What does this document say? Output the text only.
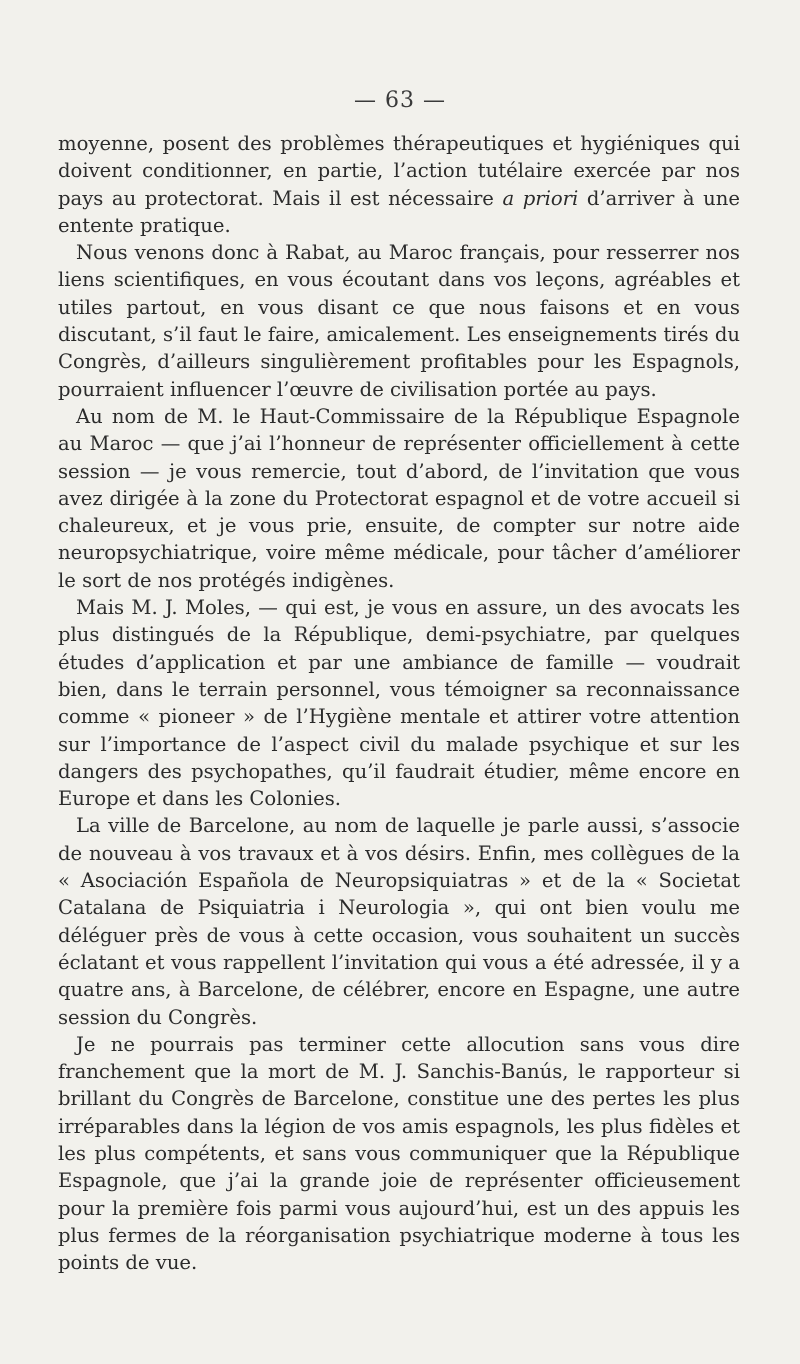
— 63 —

moyenne, posent des problèmes thérapeutiques et hygiéniques qui doivent conditionner, en partie, l’action tutélaire exercée par nos pays au protectorat. Mais il est nécessaire a priori d’arriver à une entente pratique.

Nous venons donc à Rabat, au Maroc français, pour resserrer nos liens scientifiques, en vous écoutant dans vos leçons, agréables et utiles partout, en vous disant ce que nous faisons et en vous discutant, s’il faut le faire, amicalement. Les enseignements tirés du Congrès, d’ailleurs singulièrement profitables pour les Espagnols, pourraient influencer l’œuvre de civilisation portée au pays.

Au nom de M. le Haut-Commissaire de la République Espagnole au Maroc — que j’ai l’honneur de représenter officiellement à cette session — je vous remercie, tout d’abord, de l’invitation que vous avez dirigée à la zone du Protectorat espagnol et de votre accueil si chaleureux, et je vous prie, ensuite, de compter sur notre aide neuropsychiatrique, voire même médicale, pour tâcher d’améliorer le sort de nos protégés indigènes.

Mais M. J. Moles, — qui est, je vous en assure, un des avocats les plus distingués de la République, demi-psychiatre, par quelques études d’application et par une ambiance de famille — voudrait bien, dans le terrain personnel, vous témoigner sa reconnaissance comme « pioneer » de l’Hygiène mentale et attirer votre attention sur l’importance de l’aspect civil du malade psychique et sur les dangers des psychopathes, qu’il faudrait étudier, même encore en Europe et dans les Colonies.

La ville de Barcelone, au nom de laquelle je parle aussi, s’associe de nouveau à vos travaux et à vos désirs. Enfin, mes collègues de la « Asociación Española de Neuropsiquiatras » et de la « Societat Catalana de Psiquiatria i Neurologia », qui ont bien voulu me déléguer près de vous à cette occasion, vous souhaitent un succès éclatant et vous rappellent l’invitation qui vous a été adressée, il y a quatre ans, à Barcelone, de célébrer, encore en Espagne, une autre session du Congrès.

Je ne pourrais pas terminer cette allocution sans vous dire franchement que la mort de M. J. Sanchis-Banús, le rapporteur si brillant du Congrès de Barcelone, constitue une des pertes les plus irréparables dans la légion de vos amis espagnols, les plus fidèles et les plus compétents, et sans vous communiquer que la République Espagnole, que j’ai la grande joie de représenter officieusement pour la première fois parmi vous aujourd’hui, est un des appuis les plus fermes de la réorganisation psychiatrique moderne à tous les points de vue.
